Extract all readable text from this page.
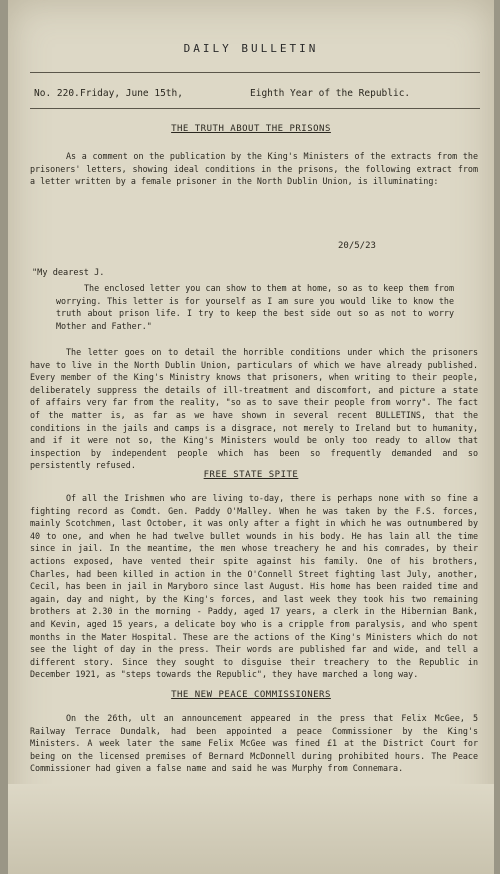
DAILY BULLETIN
No. 220. Friday, June 15th,	Eighth Year of the Republic.
THE TRUTH ABOUT THE PRISONS
As a comment on the publication by the King's Ministers of the extracts from the prisoners' letters, showing ideal conditions in the prisons, the following extract from a letter written by a female prisoner in the North Dublin Union, is illuminating:
20/5/23
"My dearest J.
The enclosed letter you can show to them at home, so as to keep them from worrying. This letter is for yourself as I am sure you would like to know the truth about prison life. I try to keep the best side out so as not to worry Mother and Father."
The letter goes on to detail the horrible conditions under which the prisoners have to live in the North Dublin Union, particulars of which we have already published. Every member of the King's Ministry knows that prisoners, when writing to their people, deliberately suppress the details of ill-treatment and discomfort, and picture a state of affairs very far from the reality, "so as to save their people from worry". The fact of the matter is, as far as we have shown in several recent BULLETINS, that the conditions in the jails and camps is a disgrace, not merely to Ireland but to humanity, and if it were not so, the King's Ministers would be only too ready to allow that inspection by independent people which has been so frequently demanded and so persistently refused.
FREE STATE SPITE
Of all the Irishmen who are living to-day, there is perhaps none with so fine a fighting record as Comdt. Gen. Paddy O'Malley. When he was taken by the F.S. forces, mainly Scotchmen, last October, it was only after a fight in which he was outnumbered by 40 to one, and when he had twelve bullet wounds in his body. He has lain all the time since in jail. In the meantime, the men whose treachery he and his comrades, by their actions exposed, have vented their spite against his family. One of his brothers, Charles, had been killed in action in the O'Connell Street fighting last July, another, Cecil, has been in jail in Maryboro since last August. His home has been raided time and again, day and night, by the King's forces, and last week they took his two remaining brothers at 2.30 in the morning - Paddy, aged 17 years, a clerk in the Hibernian Bank, and Kevin, aged 15 years, a delicate boy who is a cripple from paralysis, and who spent months in the Mater Hospital. These are the actions of the King's Ministers which do not see the light of day in the press. Their words are published far and wide, and tell a different story. Since they sought to disguise their treachery to the Republic in December 1921, as "steps towards the Republic", they have marched a long way.
THE NEW PEACE COMMISSIONERS
On the 26th, ult an announcement appeared in the press that Felix McGee, 5 Railway Terrace Dundalk, had been appointed a peace Commissioner by the King's Ministers. A week later the same Felix McGee was fined £1 at the District Court for being on the licensed premises of Bernard McDonnell during prohibited hours. The Peace Commissioner had given a false name and said he was Murphy from Connemara.
